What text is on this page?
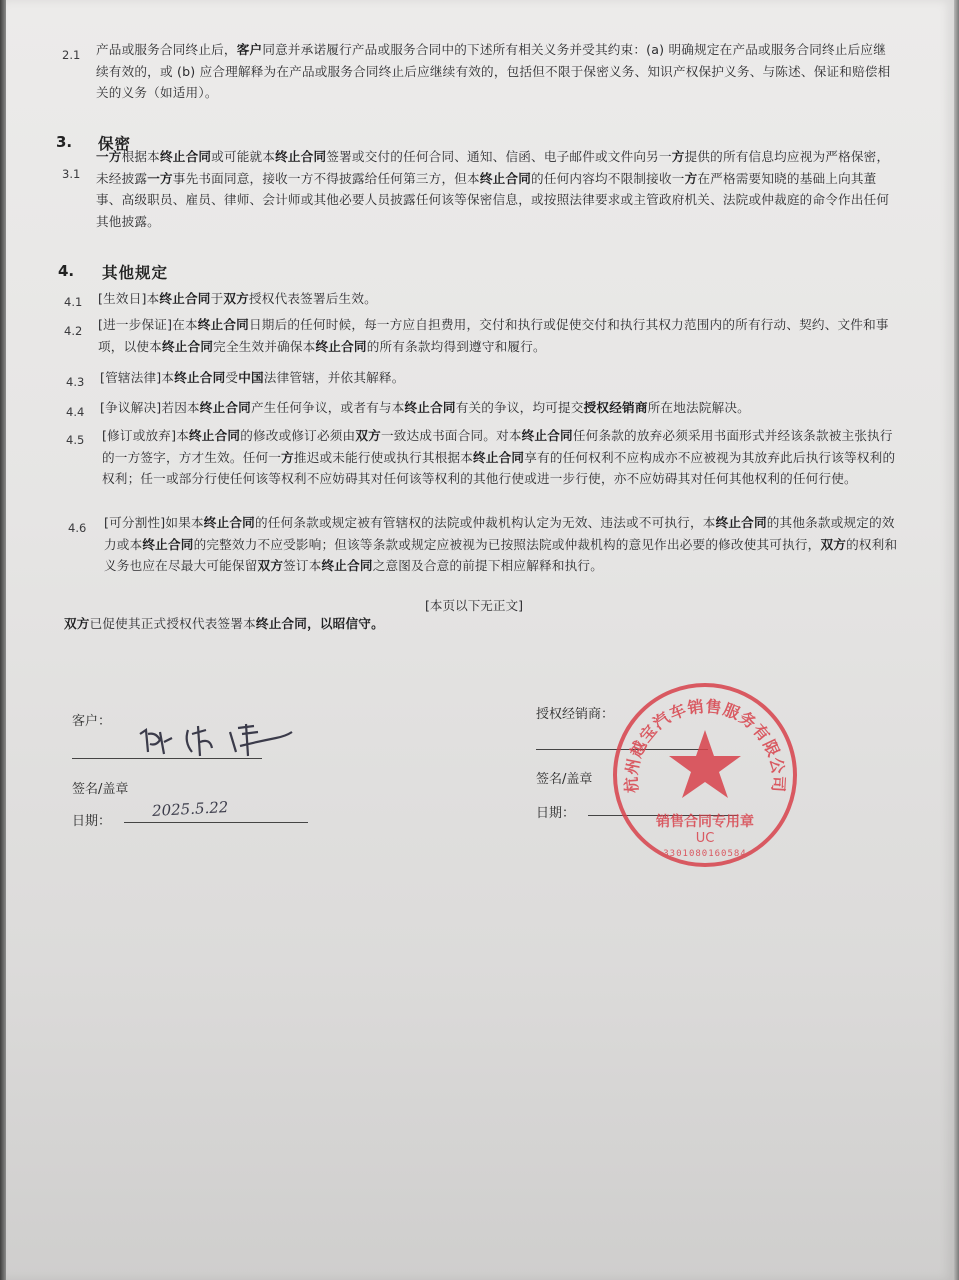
2.1 产品或服务合同终止后，客户同意并承诺履行产品或服务合同中的下述所有相关义务并受其约束：(a) 明确规定在产品或服务合同终止后应继续有效的，或 (b) 应合理解释为在产品或服务合同终止后应继续有效的，包括但不限于保密义务、知识产权保护义务、与陈述、保证和赔偿相关的义务（如适用）。
3. 保密
3.1
一方根据本终止合同或可能就本终止合同签署或交付的任何合同、通知、信函、电子邮件或文件向另一方提供的所有信息均应视为严格保密，未经披露一方事先书面同意，接收一方不得披露给任何第三方，但本终止合同的任何内容均不限制接收一方在严格需要知晓的基础上向其董事、高级职员、雇员、律师、会计师或其他必要人员披露任何该等保密信息，或按照法律要求或主管政府机关、法院或仲裁庭的命令作出任何其他披露。
4. 其他规定
4.1 [生效日]本终止合同于双方授权代表签署后生效。
4.2 [进一步保证]在本终止合同日期后的任何时候，每一方应自担费用，交付和执行或促使交付和执行其权力范围内的所有行动、契约、文件和事项，以使本终止合同完全生效并确保本终止合同的所有条款均得到遵守和履行。
4.3 [管辖法律]本终止合同受中国法律管辖，并依其解释。
4.4 [争议解决]若因本终止合同产生任何争议，或者有与本终止合同有关的争议，均可提交授权经销商所在地法院解决。
4.5 [修订或放弃]本终止合同的修改或修订必须由双方一致达成书面合同。对本终止合同任何条款的放弃必须采用书面形式并经该条款被主张执行的一方签字，方才生效。任何一方推迟或未能行使或执行其根据本终止合同享有的任何权利不应构成亦不应被视为其放弃此后执行该等权利的权利；任一或部分行使任何该等权利不应妨碍其对任何该等权利的其他行使或进一步行使，亦不应妨碍其对任何其他权利的任何行使。
4.6 [可分割性]如果本终止合同的任何条款或规定被有管辖权的法院或仲裁机构认定为无效、违法或不可执行，本终止合同的其他条款或规定的效力或本终止合同的完整效力不应受影响；但该等条款或规定应被视为已按照法院或仲裁机构的意见作出必要的修改使其可执行，双方的权利和义务也应在尽最大可能保留双方签订本终止合同之意图及合意的前提下相应解释和执行。
[本页以下无正文]
双方已促使其正式授权代表签署本终止合同，以昭信守。
客户：
陈伟浩
签名/盖章
日期：
2025.5.22
授权经销商：
签名/盖章
日期：
杭州越宝汽车销售服务有限公司
销售合同专用章
UC
3301080160584
